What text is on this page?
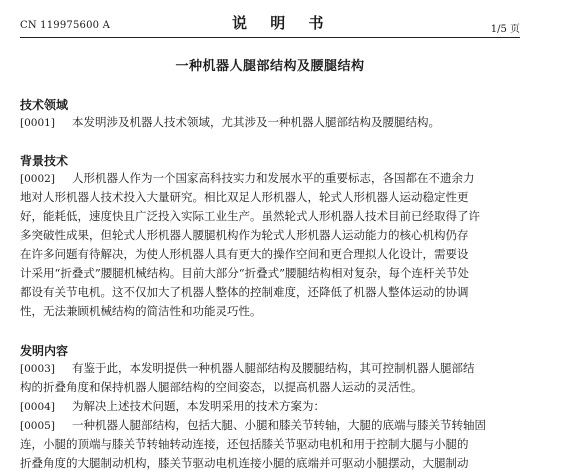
CN 119975600 A	说 明 书	1/5 页
一种机器人腿部结构及腰腿结构
技术领域
[0001] 本发明涉及机器人技术领域，尤其涉及一种机器人腿部结构及腰腿结构。
背景技术
[0002] 人形机器人作为一个国家高科技实力和发展水平的重要标志，各国都在不遗余力
地对人形机器人技术投入大量研究。相比双足人形机器人，轮式人形机器人运动稳定性更
好，能耗低，速度快且广泛投入实际工业生产。虽然轮式人形机器人技术目前已经取得了许
多突破性成果，但轮式人形机器人腰腿机构作为轮式人形机器人运动能力的核心机构仍存
在许多问题有待解决，为使人形机器人具有更大的操作空间和更合理拟人化设计，需要设
计采用“折叠式”腰腿机械结构。目前大部分“折叠式”腰腿结构相对复杂，每个连杆关节处
都设有关节电机。这不仅加大了机器人整体的控制难度，还降低了机器人整体运动的协调
性，无法兼顾机械结构的简洁性和功能灵巧性。
发明内容
[0003] 有鉴于此，本发明提供一种机器人腿部结构及腰腿结构，其可控制机器人腿部结
构的折叠角度和保持机器人腿部结构的空间姿态，以提高机器人运动的灵活性。
[0004] 为解决上述技术问题，本发明采用的技术方案为：
[0005] 一种机器人腿部结构，包括大腿、小腿和膝关节转轴，大腿的底端与膝关节转轴固
连，小腿的顶端与膝关节转轴转动连接，还包括膝关节驱动电机和用于控制大腿与小腿的
折叠角度的大腿制动机构，膝关节驱动电机连接小腿的底端并可驱动小腿摆动，大腿制动
